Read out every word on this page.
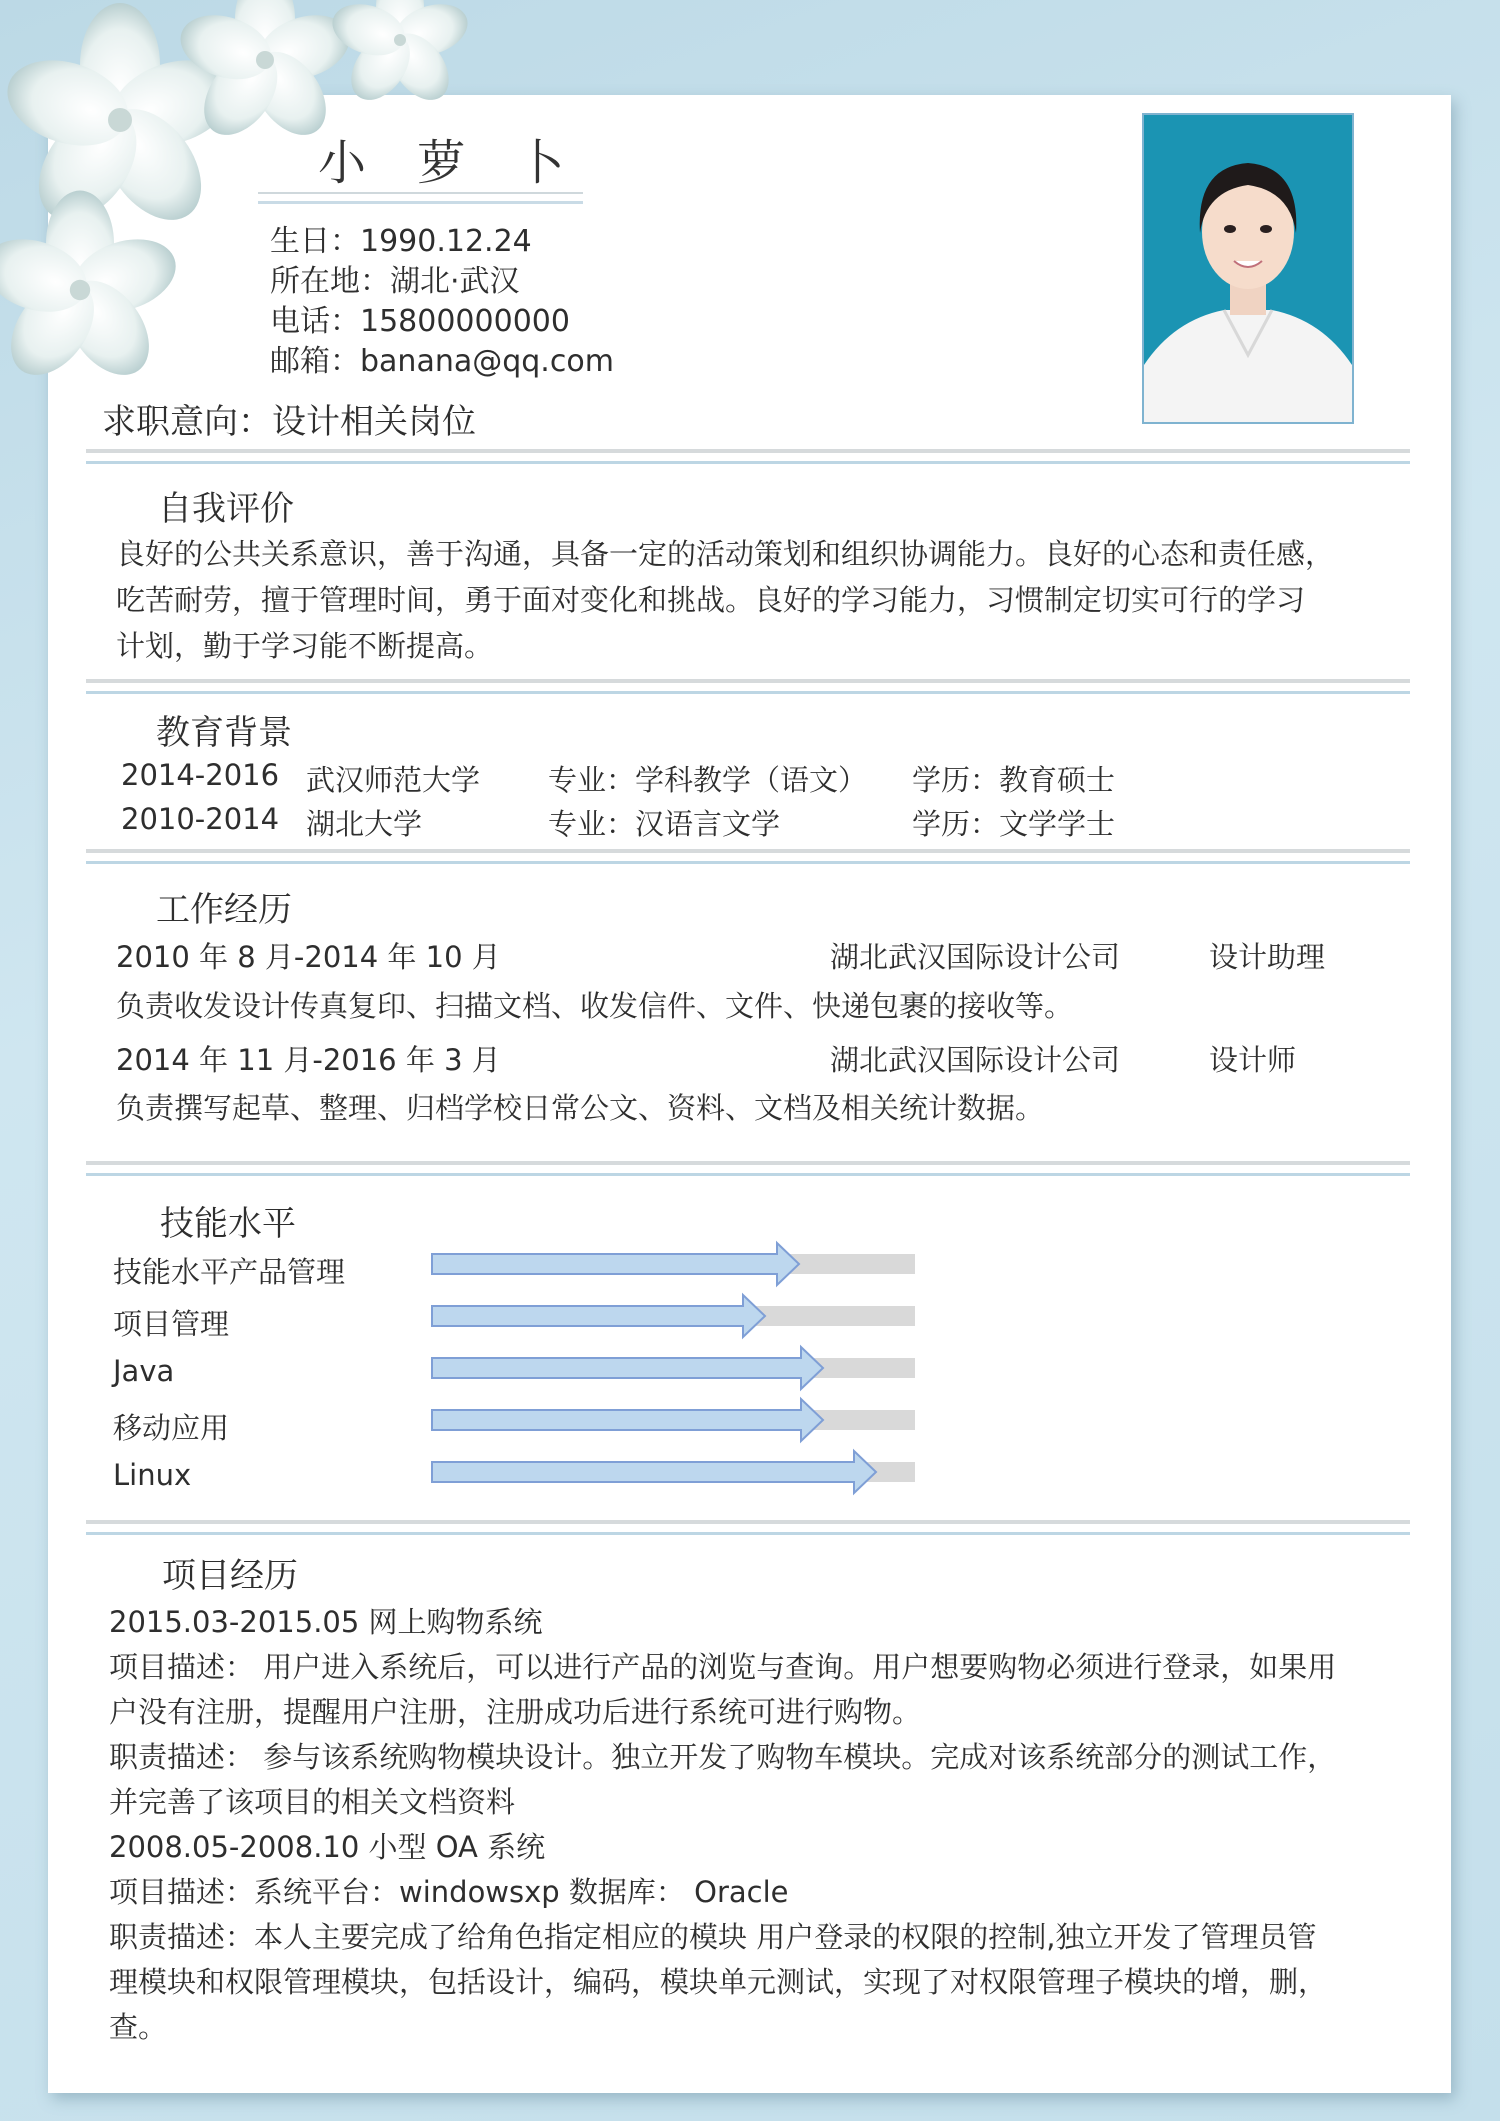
小 萝 卜
生日：1990.12.24
所在地：湖北·武汉
电话：15800000000
邮箱：banana@qq.com
求职意向：设计相关岗位
自我评价
良好的公共关系意识，善于沟通，具备一定的活动策划和组织协调能力。良好的心态和责任感，
吃苦耐劳，擅于管理时间，勇于面对变化和挑战。良好的学习能力，习惯制定切实可行的学习
计划，勤于学习能不断提高。
教育背景
2014-2016 武汉师范大学 专业：学科教学（语文） 学历：教育硕士
2010-2014 湖北大学	专业：汉语言文学	学历：文学学士
工作经历
2010 年 8 月-2014 年 10 月	湖北武汉国际设计公司	设计助理
负责收发设计传真复印、扫描文档、收发信件、文件、快递包裹的接收等。
2014 年 11 月-2016 年 3 月	湖北武汉国际设计公司	设计师
负责撰写起草、整理、归档学校日常公文、资料、文档及相关统计数据。
技能水平
技能水平产品管理
项目管理
Java
移动应用
Linux
项目经历
2015.03-2015.05 网上购物系统
项目描述： 用户进入系统后，可以进行产品的浏览与查询。用户想要购物必须进行登录，如果用
户没有注册，提醒用户注册，注册成功后进行系统可进行购物。
职责描述： 参与该系统购物模块设计。独立开发了购物车模块。完成对该系统部分的测试工作，
并完善了该项目的相关文档资料
2008.05-2008.10 小型 OA 系统
项目描述：系统平台：windowsxp 数据库： Oracle
职责描述：本人主要完成了给角色指定相应的模块 用户登录的权限的控制,独立开发了管理员管
理模块和权限管理模块，包括设计，编码，模块单元测试，实现了对权限管理子模块的增，删，
查。
